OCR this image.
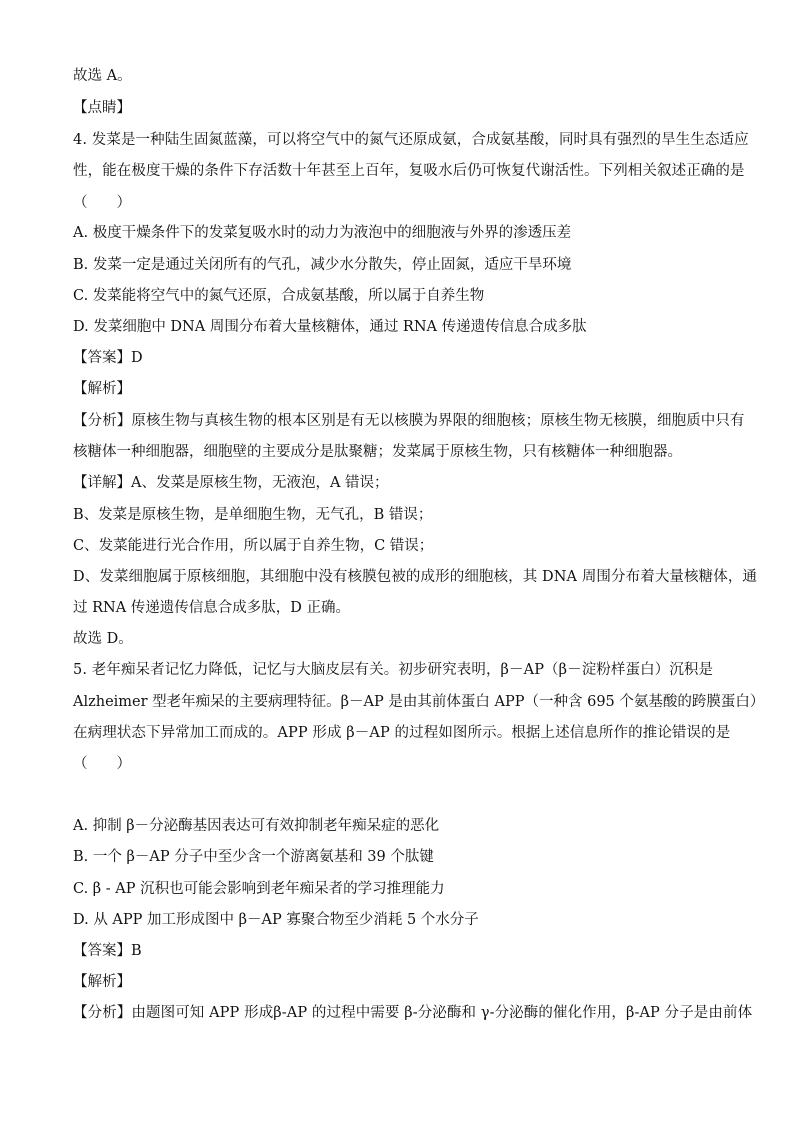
故选 A。
【点睛】
4. 发菜是一种陆生固氮蓝藻，可以将空气中的氮气还原成氨，合成氨基酸，同时具有强烈的旱生生态适应
性，能在极度干燥的条件下存活数十年甚至上百年，复吸水后仍可恢复代谢活性。下列相关叙述正确的是
（　　）
A. 极度干燥条件下的发菜复吸水时的动力为液泡中的细胞液与外界的渗透压差
B. 发菜一定是通过关闭所有的气孔，减少水分散失，停止固氮，适应干旱环境
C. 发菜能将空气中的氮气还原，合成氨基酸，所以属于自养生物
D. 发菜细胞中 DNA 周围分布着大量核糖体，通过 RNA 传递遗传信息合成多肽
【答案】D
【解析】
【分析】原核生物与真核生物的根本区别是有无以核膜为界限的细胞核；原核生物无核膜，细胞质中只有
核糖体一种细胞器，细胞壁的主要成分是肽聚糖；发菜属于原核生物，只有核糖体一种细胞器。
【详解】A、发菜是原核生物，无液泡，A 错误；
B、发菜是原核生物，是单细胞生物，无气孔，B 错误；
C、发菜能进行光合作用，所以属于自养生物，C 错误；
D、发菜细胞属于原核细胞，其细胞中没有核膜包被的成形的细胞核，其 DNA 周围分布着大量核糖体，通
过 RNA 传递遗传信息合成多肽，D 正确。
故选 D。
5. 老年痴呆者记忆力降低，记忆与大脑皮层有关。初步研究表明，β－AP（β－淀粉样蛋白）沉积是
Alzheimer 型老年痴呆的主要病理特征。β－AP 是由其前体蛋白 APP（一种含 695 个氨基酸的跨膜蛋白）
在病理状态下异常加工而成的。APP 形成 β－AP 的过程如图所示。根据上述信息所作的推论错误的是
（　　）
A. 抑制 β－分泌酶基因表达可有效抑制老年痴呆症的恶化
B. 一个 β－AP 分子中至少含一个游离氨基和 39 个肽键
C. β - AP 沉积也可能会影响到老年痴呆者的学习推理能力
D. 从 APP 加工形成图中 β－AP 寡聚合物至少消耗 5 个水分子
【答案】B
【解析】
【分析】由题图可知 APP 形成β-AP 的过程中需要 β-分泌酶和 γ-分泌酶的催化作用，β-AP 分子是由前体
